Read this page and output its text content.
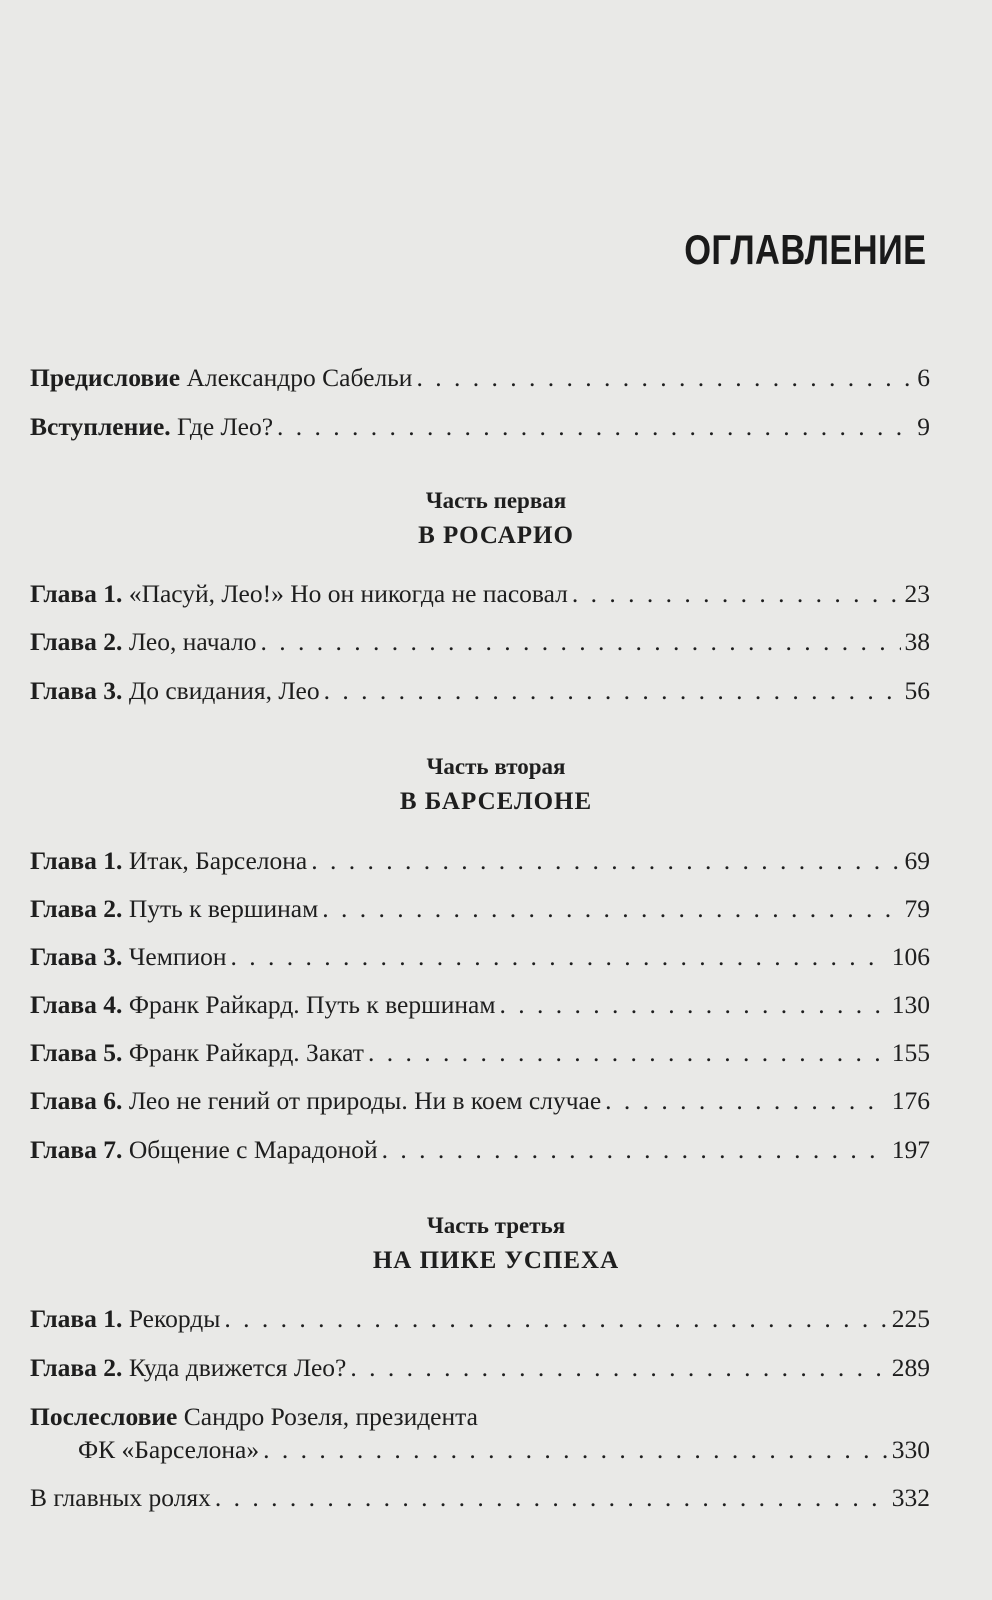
ОГЛАВЛЕНИЕ
Предисловие Александро Сабельи . . .	6
Вступление. Где Лео? . . .	9
Часть первая
В РОСАРИО
Глава 1. «Пасуй, Лео!» Но он никогда не пасовал . . .	23
Глава 2. Лео, начало . . .	38
Глава 3. До свидания, Лео . . .	56
Часть вторая
В БАРСЕЛОНЕ
Глава 1. Итак, Барселона . . .	69
Глава 2. Путь к вершинам . . .	79
Глава 3. Чемпион . . .	106
Глава 4. Франк Райкард. Путь к вершинам . . .	130
Глава 5. Франк Райкард. Закат . . .	155
Глава 6. Лео не гений от природы. Ни в коем случае . . .	176
Глава 7. Общение с Марадоной . . .	197
Часть третья
НА ПИКЕ УСПЕХА
Глава 1. Рекорды . . .	225
Глава 2. Куда движется Лео? . . .	289
Послесловие Сандро Розеля, президента
ФК «Барселона» . . .	330
В главных ролях . . .	332
